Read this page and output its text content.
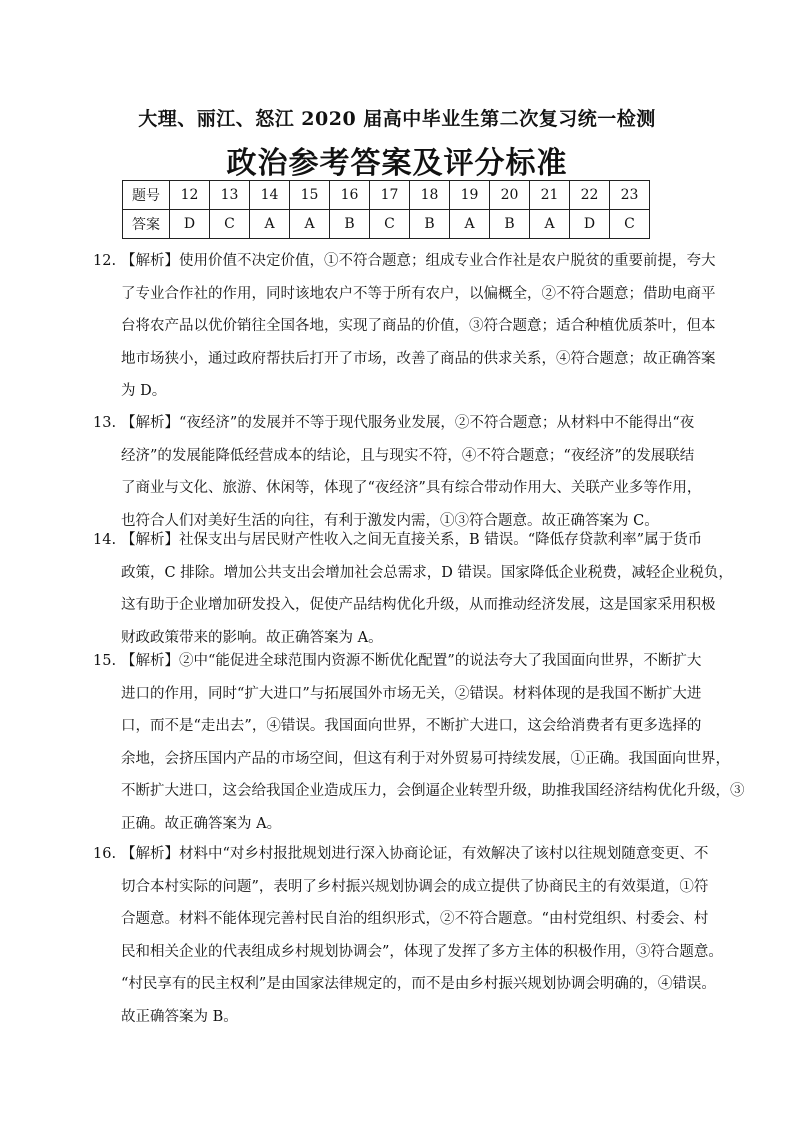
大理、丽江、怒江 2020 届高中毕业生第二次复习统一检测
政治参考答案及评分标准
题号	12	13	14	15	16	17	18	19	20	21	22	23
答案	D	C	A	A	B	C	B	A	B	A	D	C
12. 【解析】使用价值不决定价值，①不符合题意；组成专业合作社是农户脱贫的重要前提，夸大
了专业合作社的作用，同时该地农户不等于所有农户，以偏概全，②不符合题意；借助电商平
台将农产品以优价销往全国各地，实现了商品的价值，③符合题意；适合种植优质茶叶，但本
地市场狭小，通过政府帮扶后打开了市场，改善了商品的供求关系，④符合题意；故正确答案
为 D。
13. 【解析】“夜经济”的发展并不等于现代服务业发展，②不符合题意；从材料中不能得出“夜
经济”的发展能降低经营成本的结论，且与现实不符，④不符合题意；“夜经济”的发展联结
了商业与文化、旅游、休闲等，体现了“夜经济”具有综合带动作用大、关联产业多等作用，
也符合人们对美好生活的向往，有利于激发内需，①③符合题意。故正确答案为 C。
14. 【解析】社保支出与居民财产性收入之间无直接关系，B 错误。“降低存贷款利率”属于货币
政策，C 排除。增加公共支出会增加社会总需求，D 错误。国家降低企业税费，减轻企业税负，
这有助于企业增加研发投入，促使产品结构优化升级，从而推动经济发展，这是国家采用积极
财政政策带来的影响。故正确答案为 A。
15. 【解析】②中“能促进全球范围内资源不断优化配置”的说法夸大了我国面向世界，不断扩大
进口的作用，同时“扩大进口”与拓展国外市场无关，②错误。材料体现的是我国不断扩大进
口，而不是“走出去”，④错误。我国面向世界，不断扩大进口，这会给消费者有更多选择的
余地，会挤压国内产品的市场空间，但这有利于对外贸易可持续发展，①正确。我国面向世界，
不断扩大进口，这会给我国企业造成压力，会倒逼企业转型升级，助推我国经济结构优化升级，③
正确。故正确答案为 A。
16. 【解析】材料中“对乡村报批规划进行深入协商论证，有效解决了该村以往规划随意变更、不
切合本村实际的问题”，表明了乡村振兴规划协调会的成立提供了协商民主的有效渠道，①符
合题意。材料不能体现完善村民自治的组织形式，②不符合题意。“由村党组织、村委会、村
民和相关企业的代表组成乡村规划协调会”，体现了发挥了多方主体的积极作用，③符合题意。
“村民享有的民主权利”是由国家法律规定的，而不是由乡村振兴规划协调会明确的，④错误。
故正确答案为 B。
